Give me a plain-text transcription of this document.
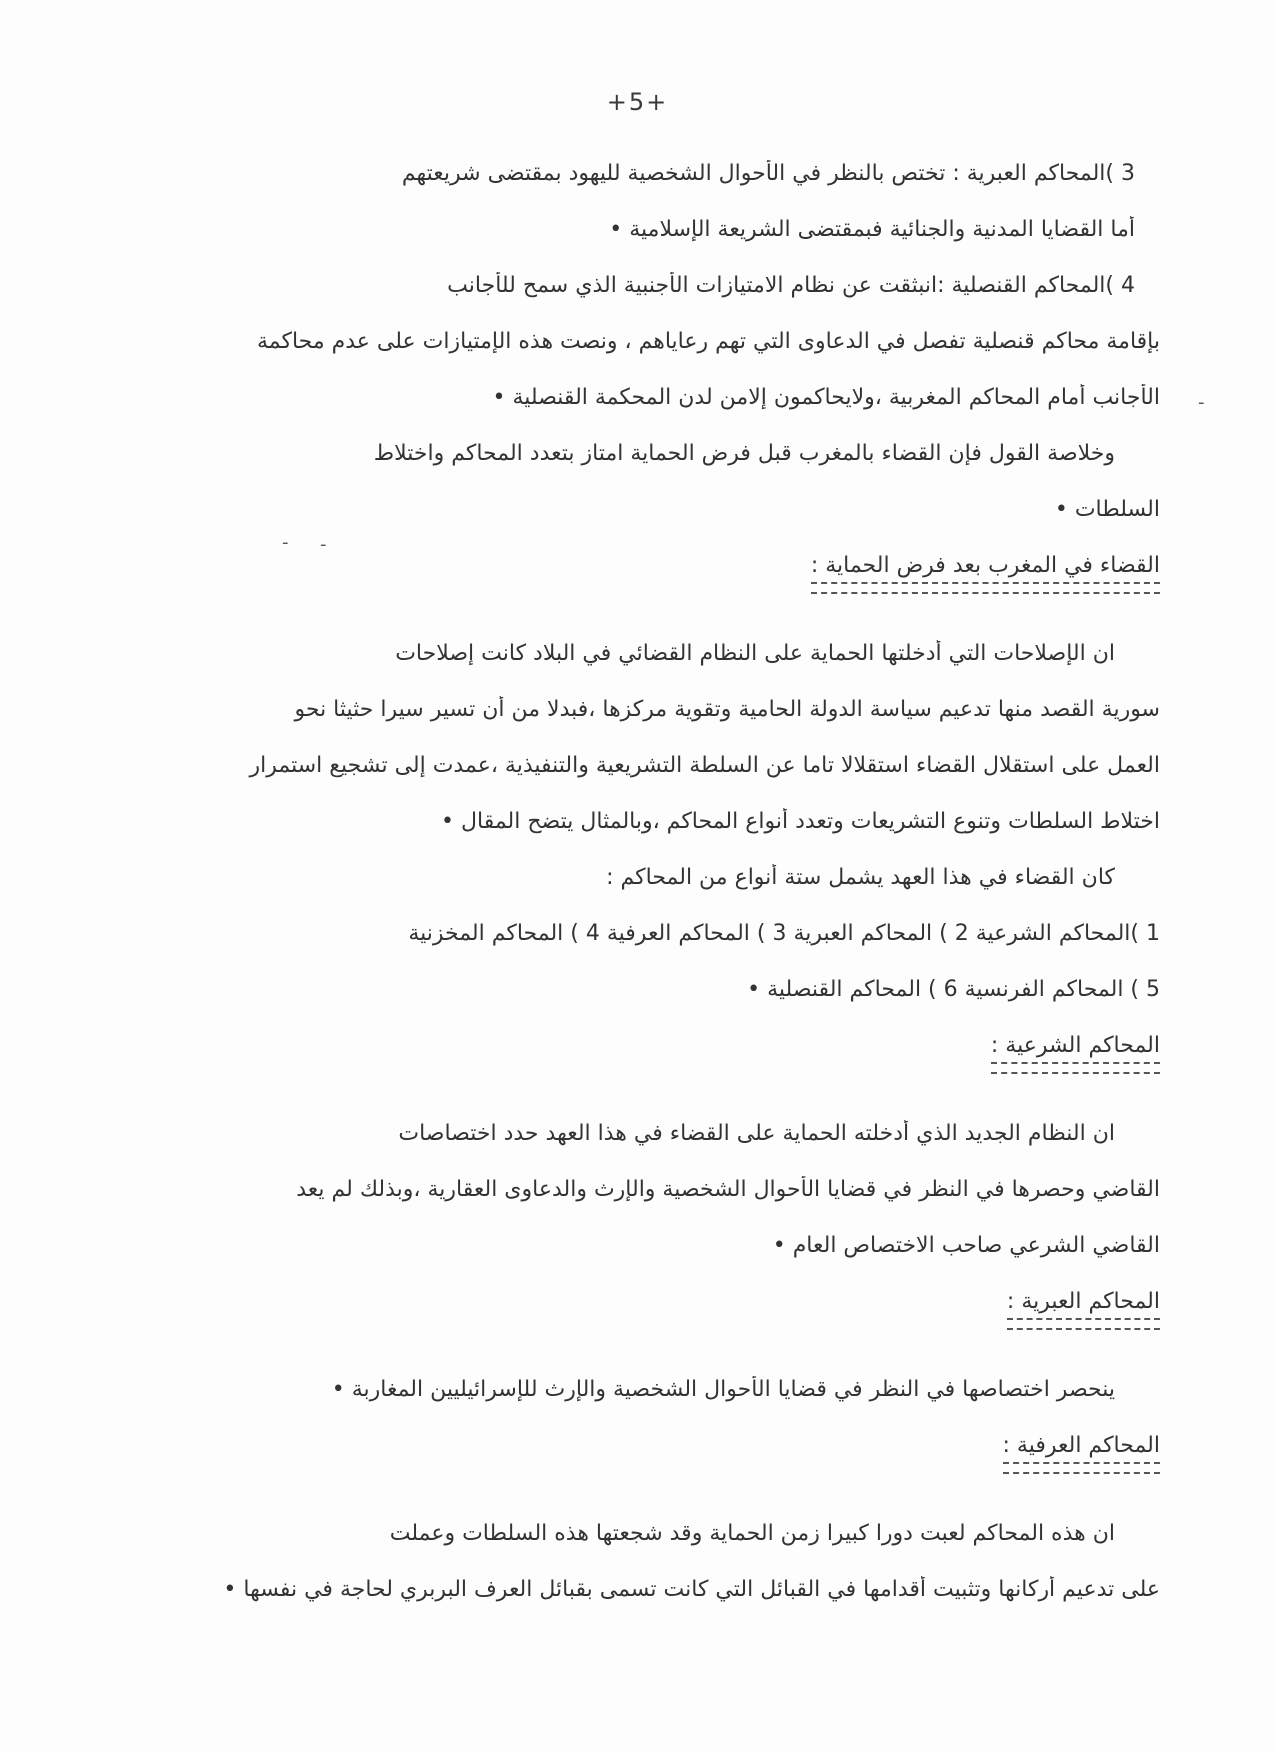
+5+
-
- -
3 )المحاكم العبرية : تختص بالنظر في الأحوال الشخصية لليهود بمقتضى شريعتهم
أما القضايا المدنية والجنائية فبمقتضى الشريعة الإسلامية •
4 )المحاكم القنصلية :انبثقت عن نظام الامتيازات الأجنبية الذي سمح للأجانب
بإقامة محاكم قنصلية تفصل في الدعاوى التي تهم رعاياهم ، ونصت هذه الإمتيازات على عدم محاكمة
الأجانب أمام المحاكم المغربية ،ولايحاكمون إلامن لدن المحكمة القنصلية •
وخلاصة القول فإن القضاء بالمغرب قبل فرض الحماية امتاز بتعدد المحاكم واختلاط
السلطات •
القضاء في المغرب بعد فرض الحماية :
ان الإصلاحات التي أدخلتها الحماية على النظام القضائي في البلاد كانت إصلاحات
سورية القصد منها تدعيم سياسة الدولة الحامية وتقوية مركزها ،فبدلا من أن تسير سيرا حثيثا نحو
العمل على استقلال القضاء استقلالا تاما عن السلطة التشريعية والتنفيذية ،عمدت إلى تشجيع استمرار
اختلاط السلطات وتنوع التشريعات وتعدد أنواع المحاكم ،وبالمثال يتضح المقال •
كان القضاء في هذا العهد يشمل ستة أنواع من المحاكم :
1 )المحاكم الشرعية 2 ) المحاكم العبرية 3 ) المحاكم العرفية 4 ) المحاكم المخزنية
5 ) المحاكم الفرنسية 6 ) المحاكم القنصلية •
المحاكم الشرعية :
ان النظام الجديد الذي أدخلته الحماية على القضاء في هذا العهد حدد اختصاصات
القاضي وحصرها في النظر في قضايا الأحوال الشخصية والإرث والدعاوى العقارية ،وبذلك لم يعد
القاضي الشرعي صاحب الاختصاص العام •
المحاكم العبرية :
ينحصر اختصاصها في النظر في قضايا الأحوال الشخصية والإرث للإسرائيليين المغاربة •
المحاكم العرفية :
ان هذه المحاكم لعبت دورا كبيرا زمن الحماية وقد شجعتها هذه السلطات وعملت
على تدعيم أركانها وتثبيت أقدامها في القبائل التي كانت تسمى بقبائل العرف البربري لحاجة في نفسها •
